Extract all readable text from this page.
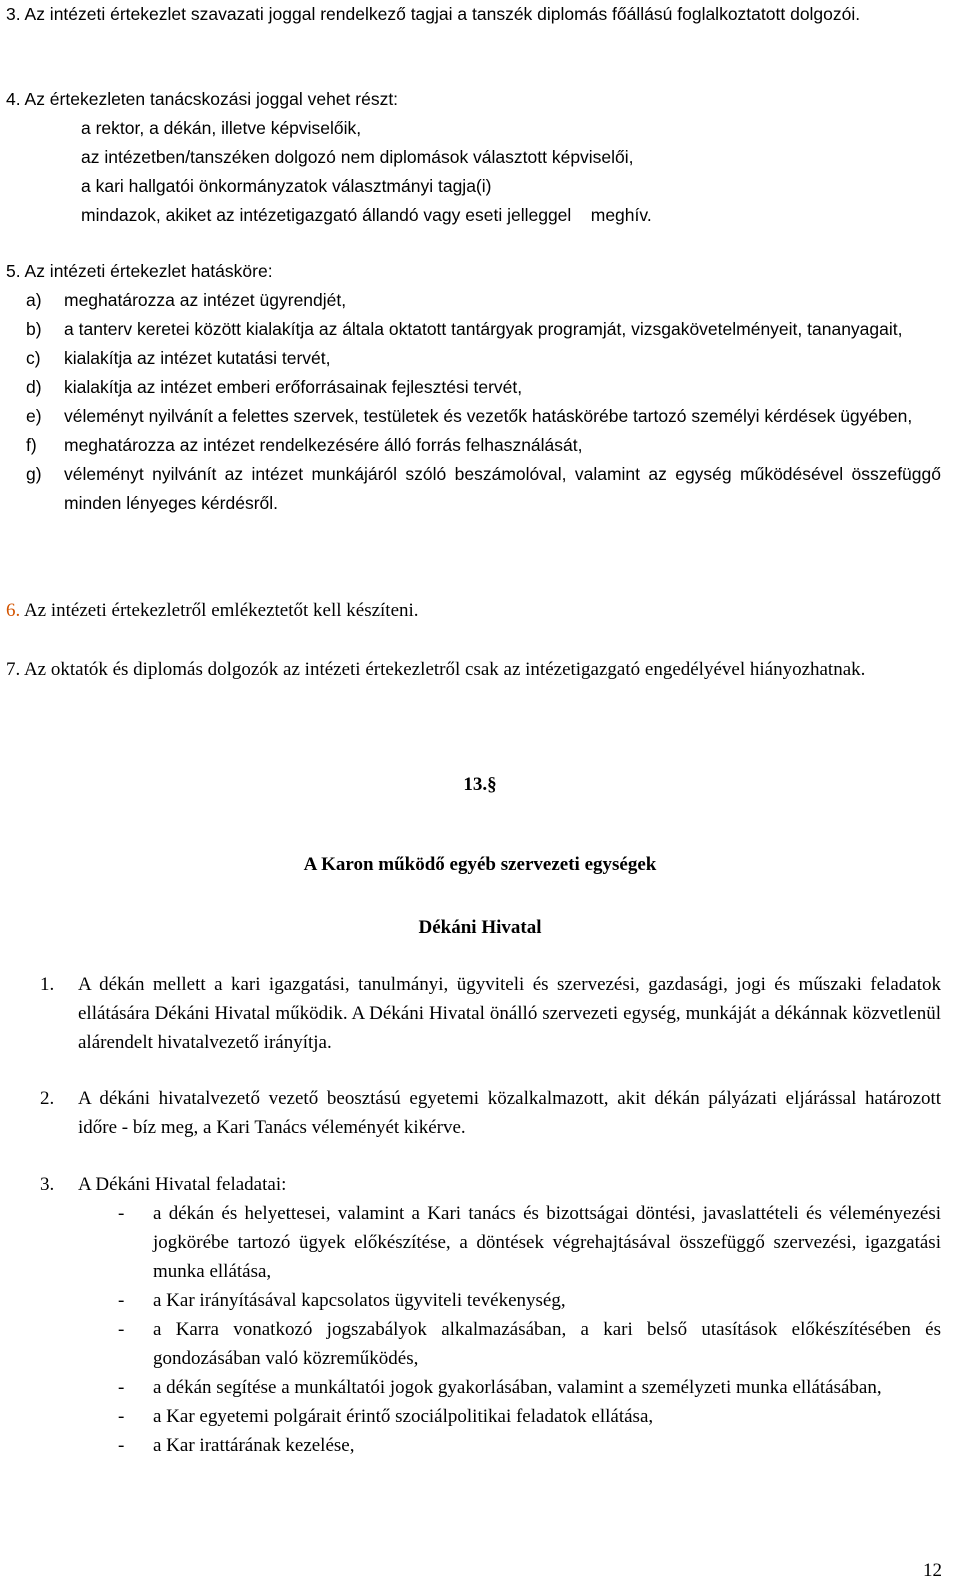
3. Az intézeti értekezlet szavazati joggal rendelkező tagjai a tanszék diplomás főállású foglalkoztatott dolgozói.
4. Az értekezleten tanácskozási joggal vehet részt:
a rektor, a dékán, illetve képviselőik,
az intézetben/tanszéken dolgozó nem diplomások választott képviselői,
a kari hallgatói önkormányzatok választmányi tagja(i)
mindazok, akiket az intézetigazgató állandó vagy eseti jelleggel    meghív.
5. Az intézeti értekezlet hatásköre:
a) meghatározza az intézet ügyrendjét,
b) a tanterv keretei között kialakítja az általa oktatott tantárgyak programját, vizsgakövetelményeit, tananyagait,
c) kialakítja az intézet kutatási tervét,
d) kialakítja az intézet emberi erőforrásainak fejlesztési tervét,
e) véleményt nyilvánít a felettes szervek, testületek és vezetők hatáskörébe tartozó személyi kérdések ügyében,
f) meghatározza az intézet rendelkezésére álló forrás felhasználását,
g) véleményt nyilvánít az intézet munkájáról szóló beszámolóval, valamint az egység működésével összefüggő minden lényeges kérdésről.
6. Az intézeti értekezletről emlékeztetőt kell készíteni.
7. Az oktatók és diplomás dolgozók az intézeti értekezletről csak az intézetigazgató engedélyével hiányozhatnak.
13.§
A Karon működő egyéb szervezeti egységek
Dékáni Hivatal
1. A dékán mellett a kari igazgatási, tanulmányi, ügyviteli és szervezési, gazdasági, jogi és műszaki feladatok ellátására Dékáni Hivatal működik. A Dékáni Hivatal önálló szervezeti egység, munkáját a dékánnak közvetlenül alárendelt hivatalvezető irányítja.
2. A dékáni hivatalvezető vezető beosztású egyetemi közalkalmazott, akit dékán pályázati eljárással határozott időre - bíz meg, a Kari Tanács véleményét kikérve.
3. A Dékáni Hivatal feladatai:
- a dékán és helyettesei, valamint a Kari tanács és bizottságai döntési, javaslattételi és véleményezési jogkörébe tartozó ügyek előkészítése, a döntések végrehajtásával összefüggő szervezési, igazgatási munka ellátása,
- a Kar irányításával kapcsolatos ügyviteli tevékenység,
- a Karra vonatkozó jogszabályok alkalmazásában, a kari belső utasítások előkészítésében és gondozásában való közreműködés,
- a dékán segítése a munkáltatói jogok gyakorlásában, valamint a személyzeti munka ellátásában,
- a Kar egyetemi polgárait érintő szociálpolitikai feladatok ellátása,
- a Kar irattárának kezelése,
12
